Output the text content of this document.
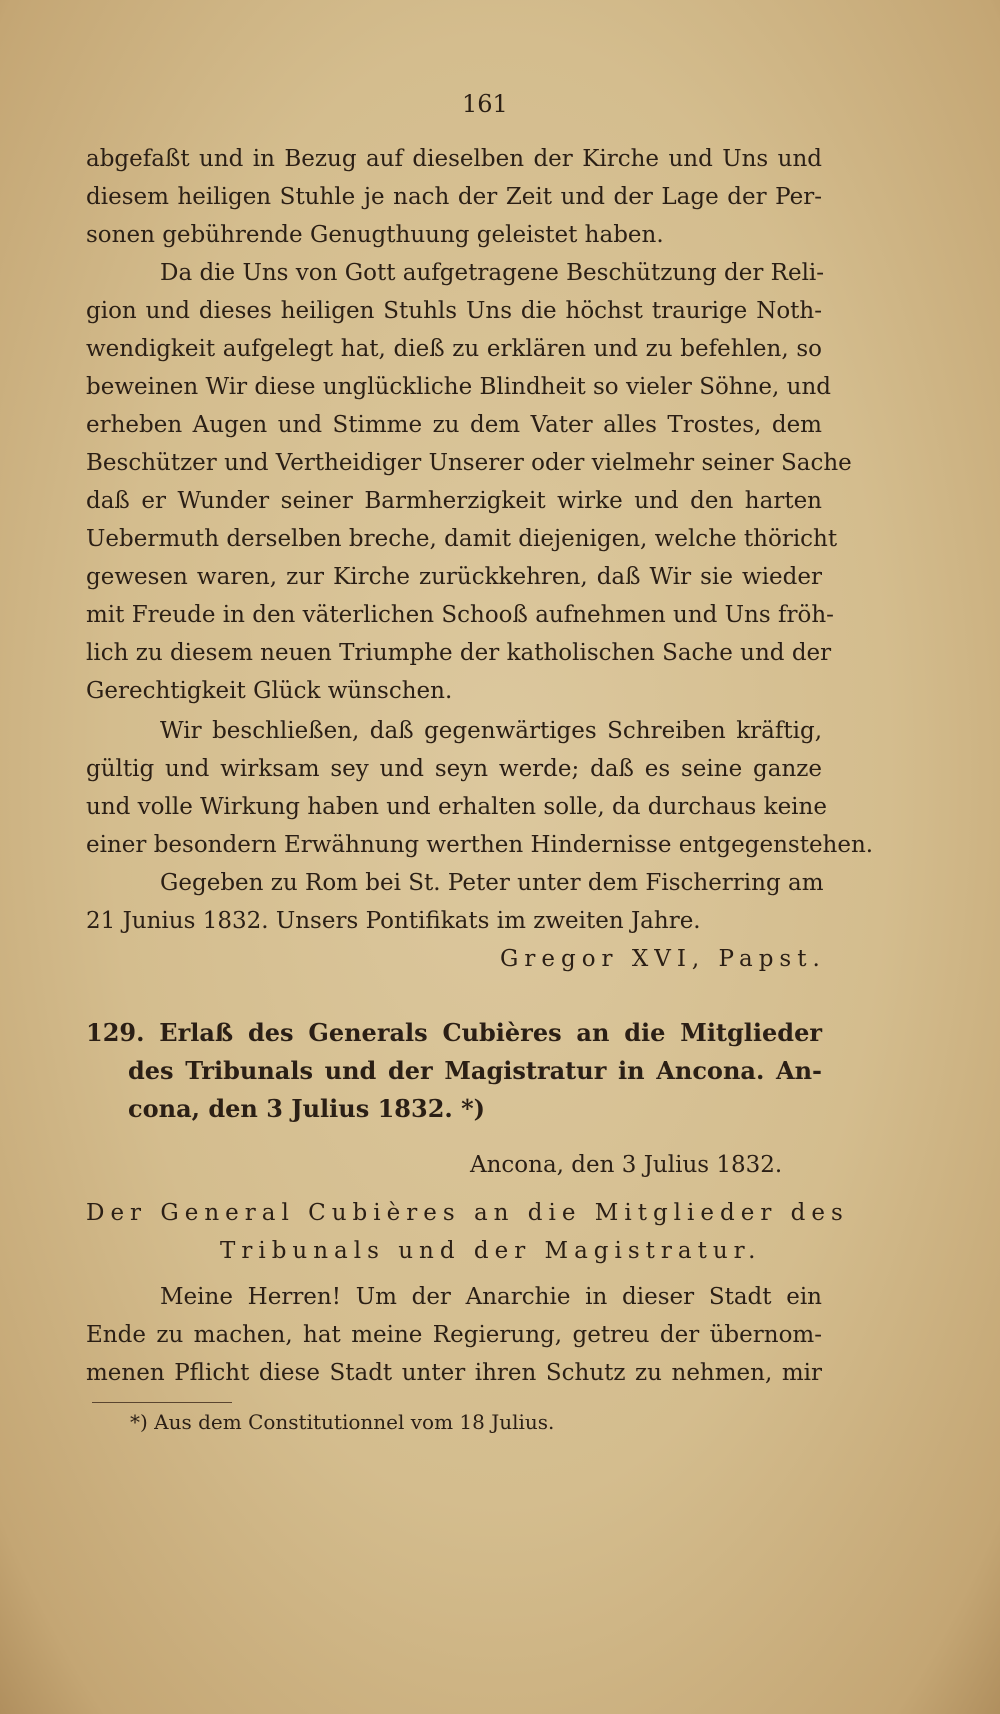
161
abgefaßt und in Bezug auf dieselben der Kirche und Uns und
diesem heiligen Stuhle je nach der Zeit und der Lage der Per-
sonen gebührende Genugthuung geleistet haben.
Da die Uns von Gott aufgetragene Beschützung der Reli-
gion und dieses heiligen Stuhls Uns die höchst traurige Noth-
wendigkeit aufgelegt hat, dieß zu erklären und zu befehlen, so
beweinen Wir diese unglückliche Blindheit so vieler Söhne, und
erheben Augen und Stimme zu dem Vater alles Trostes, dem
Beschützer und Vertheidiger Unserer oder vielmehr seiner Sache
daß er Wunder seiner Barmherzigkeit wirke und den harten
Uebermuth derselben breche, damit diejenigen, welche thöricht
gewesen waren, zur Kirche zurückkehren, daß Wir sie wieder
mit Freude in den väterlichen Schooß aufnehmen und Uns fröh-
lich zu diesem neuen Triumphe der katholischen Sache und der
Gerechtigkeit Glück wünschen.
Wir beschließen, daß gegenwärtiges Schreiben kräftig,
gültig und wirksam sey und seyn werde; daß es seine ganze
und volle Wirkung haben und erhalten solle, da durchaus keine
einer besondern Erwähnung werthen Hindernisse entgegenstehen.
Gegeben zu Rom bei St. Peter unter dem Fischerring am
21 Junius 1832. Unsers Pontifikats im zweiten Jahre.
Gregor XVI, Papst.
129. Erlaß des Generals Cubières an die Mitglieder
des Tribunals und der Magistratur in Ancona. An-
cona, den 3 Julius 1832. *)
Ancona, den 3 Julius 1832.
Der General Cubières an die Mitglieder des
Tribunals und der Magistratur.
Meine Herren! Um der Anarchie in dieser Stadt ein
Ende zu machen, hat meine Regierung, getreu der übernom-
menen Pflicht diese Stadt unter ihren Schutz zu nehmen, mir
*) Aus dem Constitutionnel vom 18 Julius.
